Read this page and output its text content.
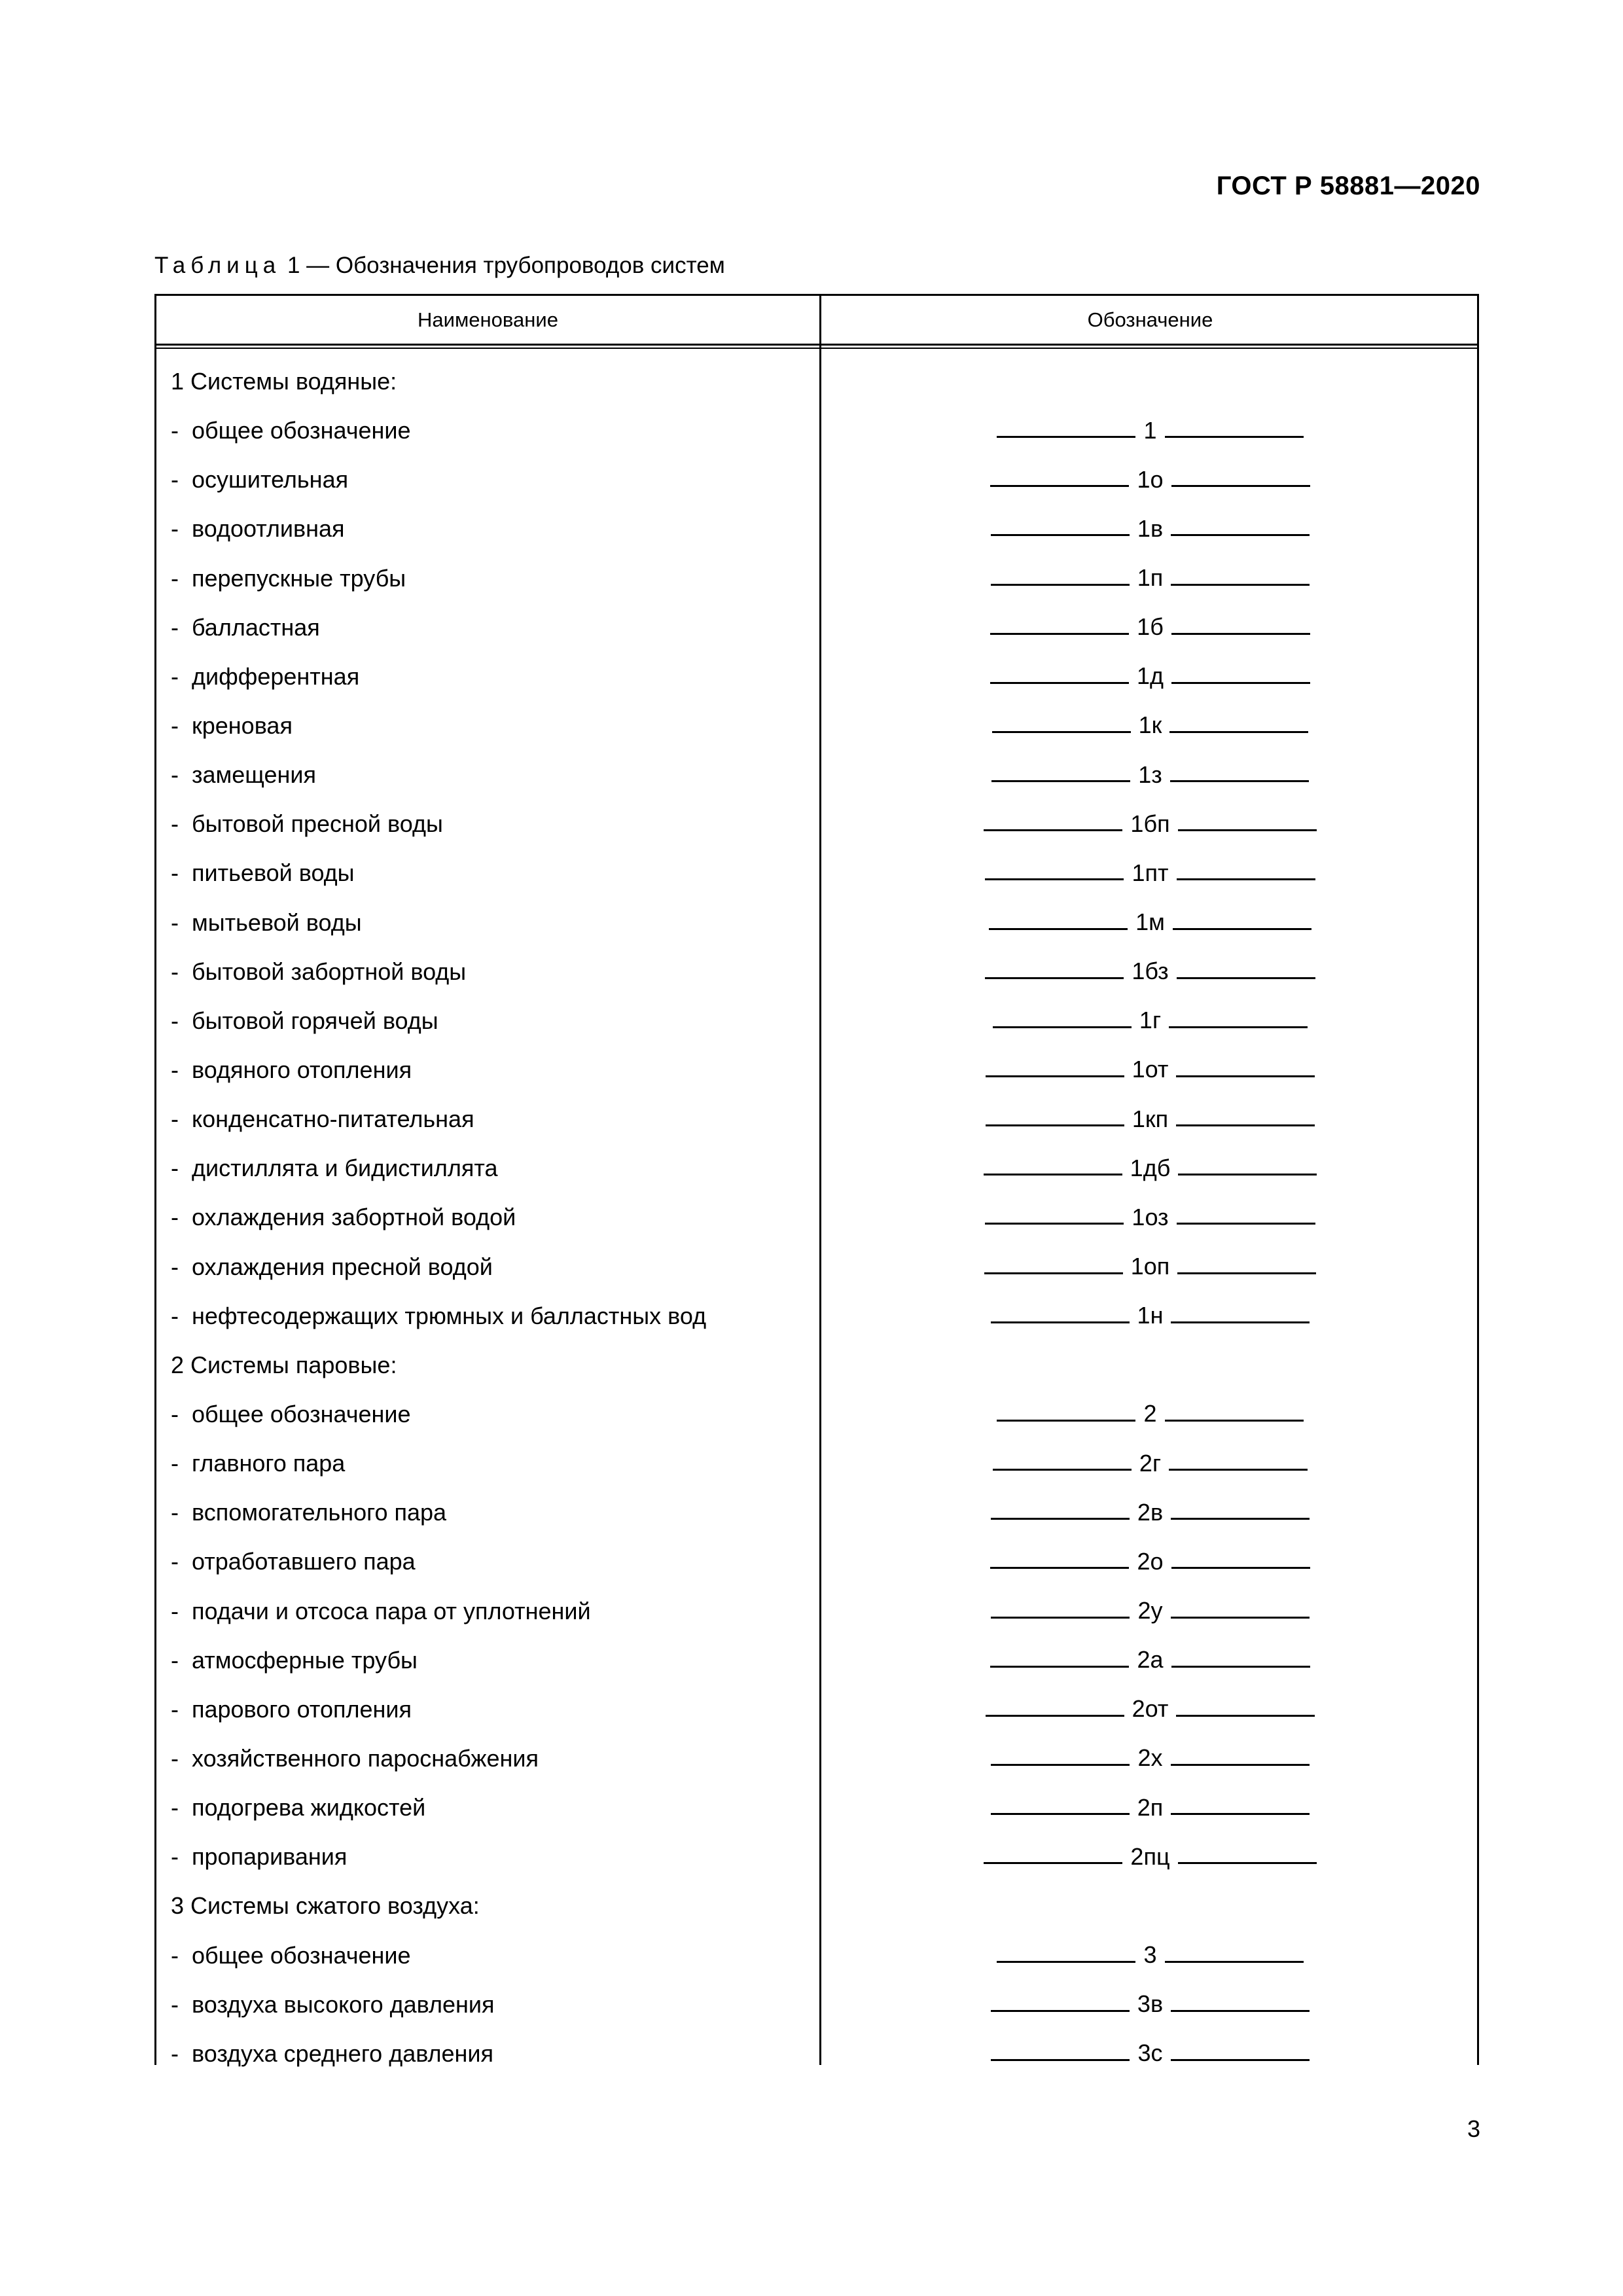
ГОСТ Р 58881—2020
Таблица 1 — Обозначения трубопроводов систем
Наименование	Обозначение
1 Системы водяные:
- общее обозначение	1
- осушительная	1о
- водоотливная	1в
- перепускные трубы	1п
- балластная	1б
- дифферентная	1д
- креновая	1к
- замещения	1з
- бытовой пресной воды	1бп
- питьевой воды	1пт
- мытьевой воды	1м
- бытовой забортной воды	1бз
- бытовой горячей воды	1г
- водяного отопления	1от
- конденсатно-питательная	1кп
- дистиллята и бидистиллята	1дб
- охлаждения забортной водой	1оз
- охлаждения пресной водой	1оп
- нефтесодержащих трюмных и балластных вод	1н
2 Системы паровые:
- общее обозначение	2
- главного пара	2г
- вспомогательного пара	2в
- отработавшего пара	2о
- подачи и отсоса пара от уплотнений	2у
- атмосферные трубы	2а
- парового отопления	2от
- хозяйственного пароснабжения	2х
- подогрева жидкостей	2п
- пропаривания	2пц
3 Системы сжатого воздуха:
- общее обозначение	3
- воздуха высокого давления	3в
- воздуха среднего давления	3с
3
